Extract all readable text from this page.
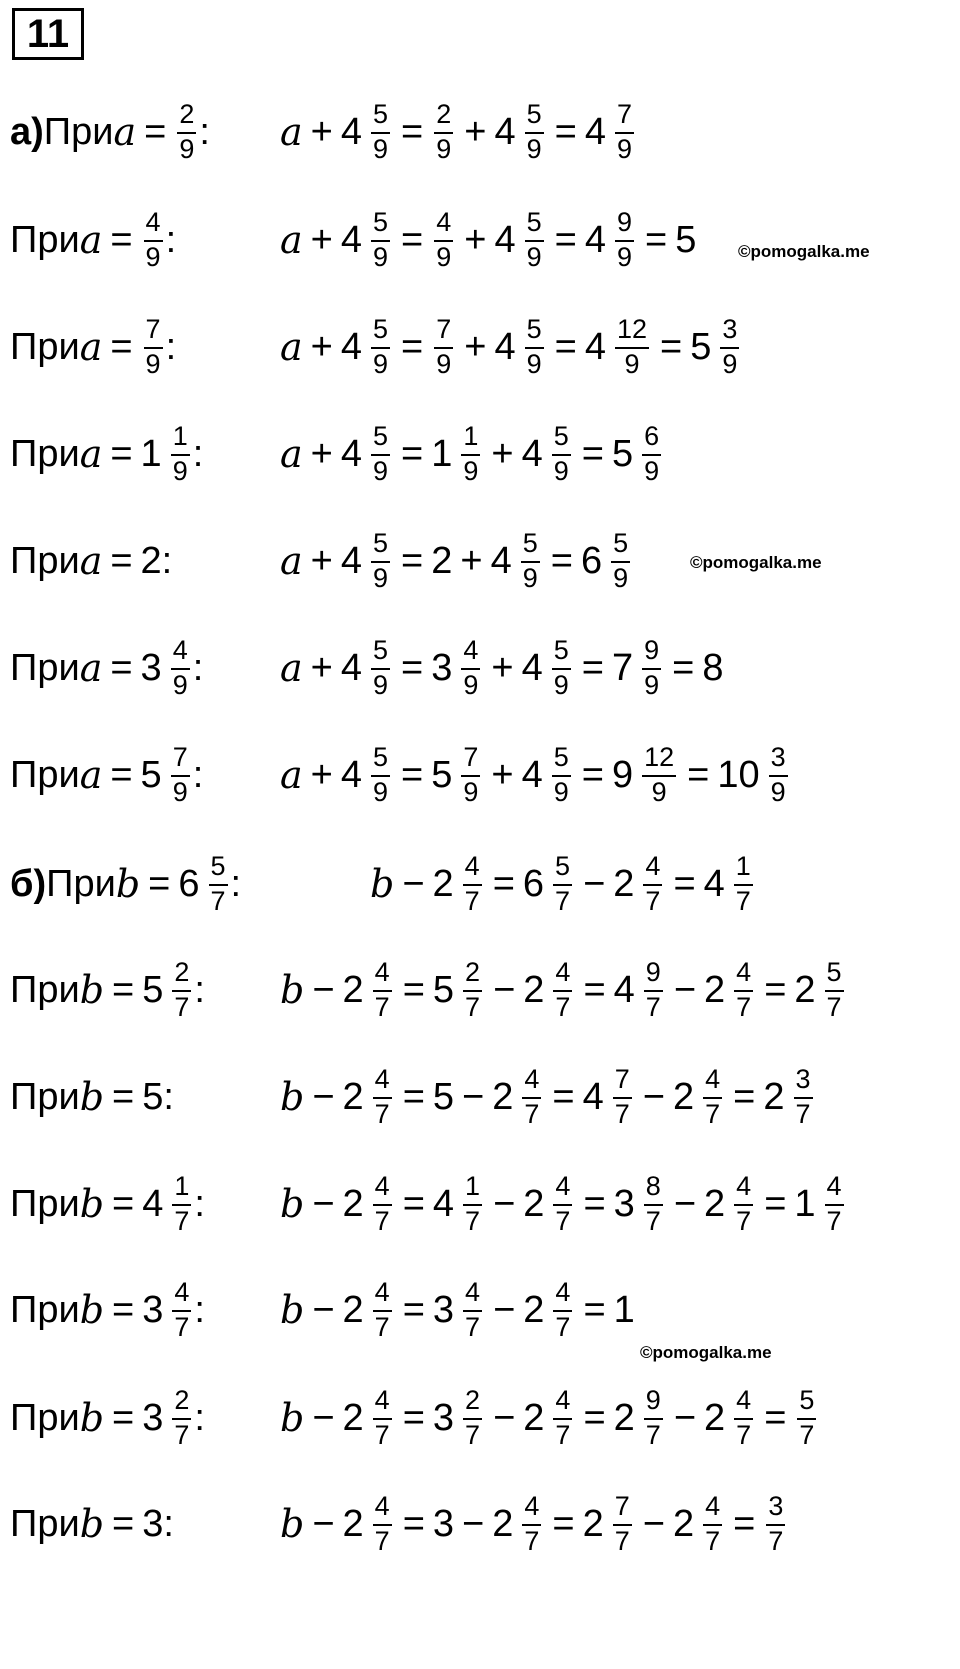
11
а) При $a = \frac{2}{9}$ : $a + 4 \frac{5}{9} = \frac{2}{9} + 4 \frac{5}{9} = 4 \frac{7}{9}$
При $a = \frac{4}{9}$ :	$a + 4 \frac{5}{9} = \frac{4}{9} + 4 \frac{5}{9} = 4 \frac{9}{9} = 5$
При $a = \frac{7}{9}$ :	$a + 4 \frac{5}{9} = \frac{7}{9} + 4 \frac{5}{9} = 4 \frac{12}{9} = 5 \frac{3}{9}$
При $a = 1 \frac{1}{9}$ : $a + 4 \frac{5}{9} = 1 \frac{1}{9} + 4 \frac{5}{9} = 5 \frac{6}{9}$
При a = 2:	$a + 4 \frac{5}{9} = 2 + 4 \frac{5}{9} = 6 \frac{5}{9}$
При $a = 3 \frac{4}{9}$ : $a + 4 \frac{5}{9} = 3 \frac{4}{9} + 4 \frac{5}{9} = 7 \frac{9}{9} = 8$
При $a = 5 \frac{7}{9}$ : $a + 4 \frac{5}{9} = 5 \frac{7}{9} + 4 \frac{5}{9} = 9 \frac{12}{9} = 10 \frac{3}{9}$
б) При $b = 6 \frac{5}{7}$ :	$b - 2 \frac{4}{7} = 6 \frac{5}{7} - 2 \frac{4}{7} = 4 \frac{1}{7}$
При $b = 5 \frac{2}{7}$ : $b - 2 \frac{4}{7} = 5 \frac{2}{7} - 2 \frac{4}{7} = 4 \frac{9}{7} - 2 \frac{4}{7} = 2 \frac{5}{7}$
При b = 5:	$b - 2 \frac{4}{7} = 5 - 2 \frac{4}{7} = 4 \frac{7}{7} - 2 \frac{4}{7} = 2 \frac{3}{7}$
При $b = 4 \frac{1}{7}$ : $b - 2 \frac{4}{7} = 4 \frac{1}{7} - 2 \frac{4}{7} = 3 \frac{8}{7} - 2 \frac{4}{7} = 1 \frac{4}{7}$
При $b = 3 \frac{4}{7}$ : $b - 2 \frac{4}{7} = 3 \frac{4}{7} - 2 \frac{4}{7} = 1$
При $b = 3 \frac{2}{7}$ : $b - 2 \frac{4}{7} = 3 \frac{2}{7} - 2 \frac{4}{7} = 2 \frac{9}{7} - 2 \frac{4}{7} = \frac{5}{7}$
При b = 3:	$b - 2 \frac{4}{7} = 3 - 2 \frac{4}{7} = 2 \frac{7}{7} - 2 \frac{4}{7} = \frac{3}{7}$
©pomogalka.me
©pomogalka.me
©pomogalka.me
